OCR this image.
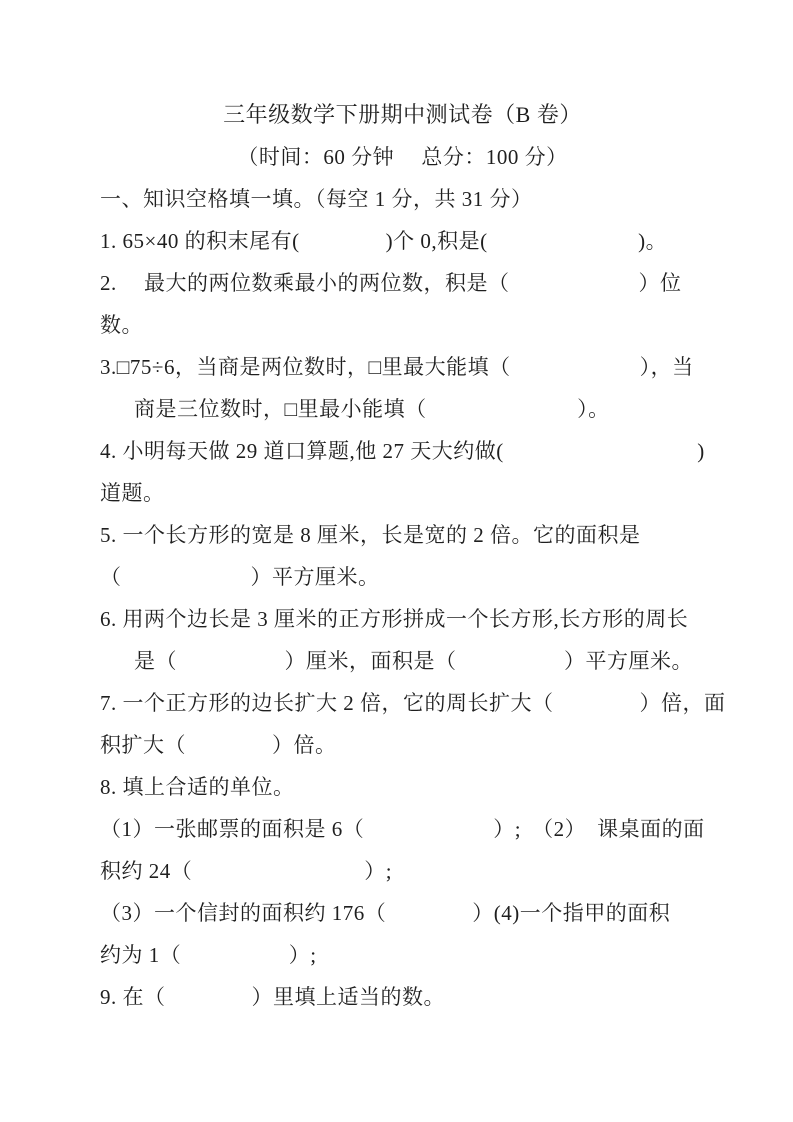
三年级数学下册期中测试卷（B 卷）
（时间：60 分钟　 总分：100 分）
一、知识空格填一填。（每空 1 分，共 31 分）
1. 65×40 的积末尾有(　　　　)个 0,积是(　　　　　　　)。
2.　 最大的两位数乘最小的两位数，积是（　　　　　　）位
数。
3.□75÷6，当商是两位数时，□里最大能填（　　　　　　），当
商是三位数时，□里最小能填（　　　　　　　）。
4. 小明每天做 29 道口算题,他 27 天大约做(　　　　　　　　　)
道题。
5. 一个长方形的宽是 8 厘米，长是宽的 2 倍。它的面积是
（　　　　　　）平方厘米。
6. 用两个边长是 3 厘米的正方形拼成一个长方形,长方形的周长
是（　　　　　）厘米，面积是（　　　　　）平方厘米。
7. 一个正方形的边长扩大 2 倍，它的周长扩大（　　　　）倍，面
积扩大（　　　　）倍。
8. 填上合适的单位。
（1）一张邮票的面积是 6（　　　　　　）;　（2）　课桌面的面
积约 24（　　　　　　　　）;
（3）一个信封的面积约 176（　　　　）(4)一个指甲的面积
约为 1（　　　　　）;
9. 在（　　　　）里填上适当的数。
